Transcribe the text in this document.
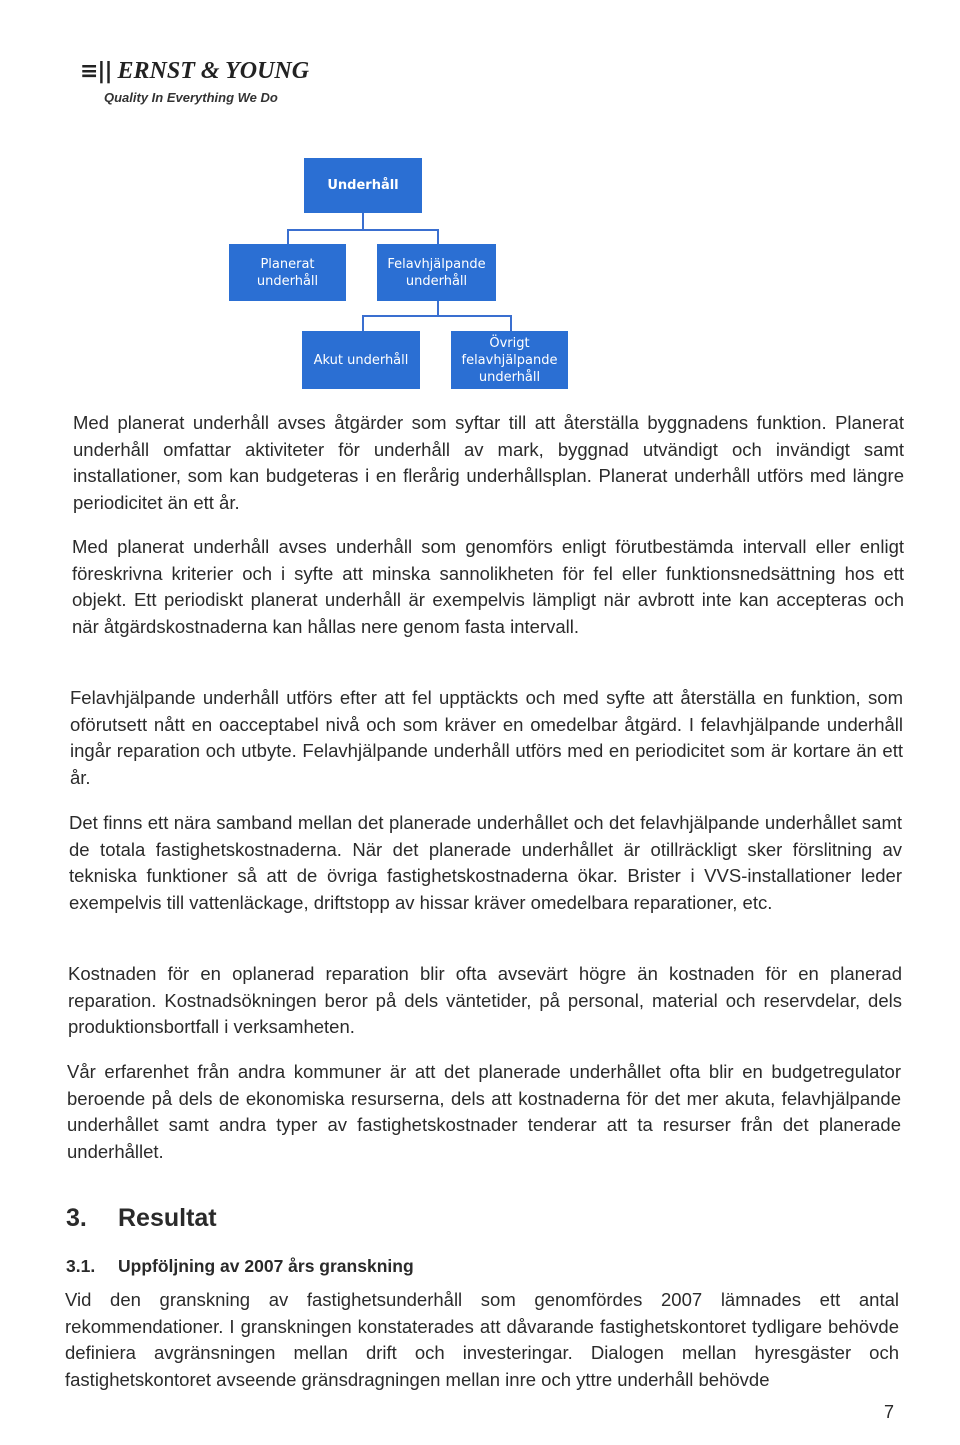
≡|| ERNST & YOUNG
Quality In Everything We Do
Underhåll
Planerat
underhåll
Felavhjälpande
underhåll
Akut underhåll
Övrigt
felavhjälpande
underhåll

Med planerat underhåll avses åtgärder som syftar till att återställa byggnadens funktion. Planerat underhåll omfattar aktiviteter för underhåll av mark, byggnad utvändigt och invändigt samt installationer, som kan budgeteras i en flerårig underhållsplan. Planerat underhåll utförs med längre periodicitet än ett år.

Med planerat underhåll avses underhåll som genomförs enligt förutbestämda intervall eller enligt föreskrivna kriterier och i syfte att minska sannolikheten för fel eller funktionsnedsättning hos ett objekt. Ett periodiskt planerat underhåll är exempelvis lämpligt när avbrott inte kan accepteras och när åtgärdskostnaderna kan hållas nere genom fasta intervall.

Felavhjälpande underhåll utförs efter att fel upptäckts och med syfte att återställa en funktion, som oförutsett nått en oacceptabel nivå och som kräver en omedelbar åtgärd. I felavhjälpande underhåll ingår reparation och utbyte. Felavhjälpande underhåll utförs med en periodicitet som är kortare än ett år.

Det finns ett nära samband mellan det planerade underhållet och det felavhjälpande underhållet samt de totala fastighetskostnaderna. När det planerade underhållet är otillräckligt sker förslitning av tekniska funktioner så att de övriga fastighetskostnaderna ökar. Brister i VVS-installationer leder exempelvis till vattenläckage, driftstopp av hissar kräver omedelbara reparationer, etc.

Kostnaden för en oplanerad reparation blir ofta avsevärt högre än kostnaden för en planerad reparation. Kostnadsökningen beror på dels väntetider, på personal, material och reservdelar, dels produktionsbortfall i verksamheten.

Vår erfarenhet från andra kommuner är att det planerade underhållet ofta blir en budgetregulator beroende på dels de ekonomiska resurserna, dels att kostnaderna för det mer akuta, felavhjälpande underhållet samt andra typer av fastighetskostnader tenderar att ta resurser från det planerade underhållet.

3. Resultat
3.1. Uppföljning av 2007 års granskning

Vid den granskning av fastighetsunderhåll som genomfördes 2007 lämnades ett antal rekommendationer. I granskningen konstaterades att dåvarande fastighetskontoret tydligare behövde definiera avgränsningen mellan drift och investeringar. Dialogen mellan hyresgäster och fastighetskontoret avseende gränsdragningen mellan inre och yttre underhåll behövde

7
